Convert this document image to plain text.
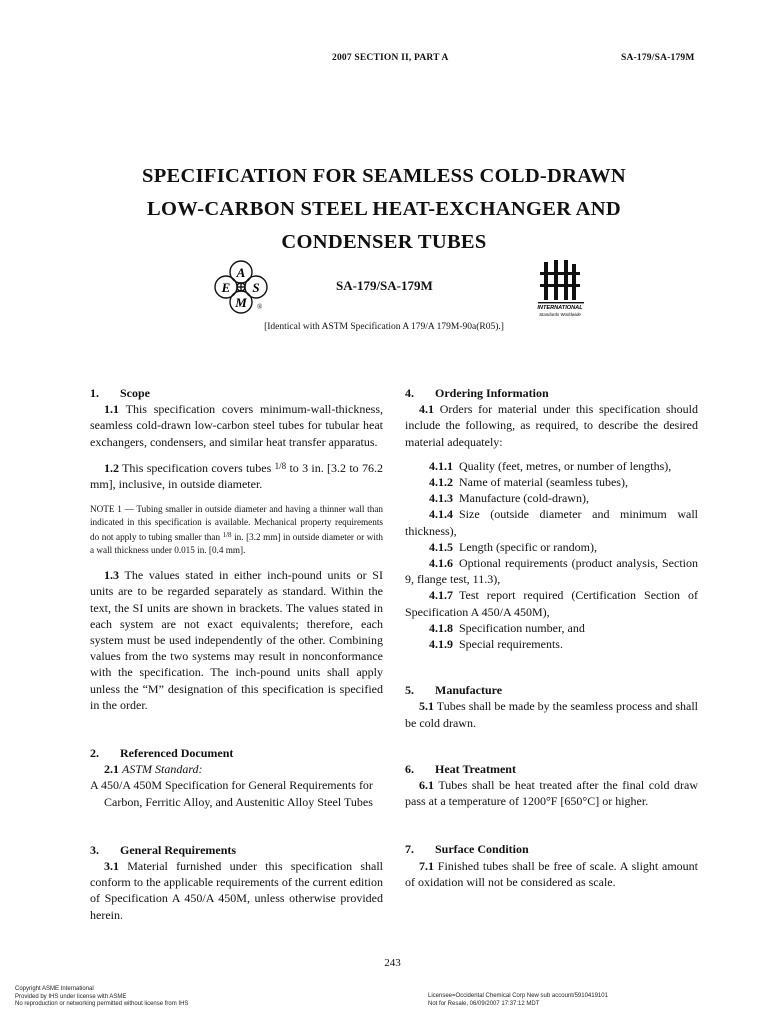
2007 SECTION II, PART A	SA-179/SA-179M
SPECIFICATION FOR SEAMLESS COLD-DRAWN
LOW-CARBON STEEL HEAT-EXCHANGER AND
CONDENSER TUBES
A
S
M
E
®
SA-179/SA-179M
INTERNATIONAL
Standards Worldwide
[Identical with ASTM Specification A 179/A 179M-90a(R05).]

1. Scope

1.1 This specification covers minimum-wall-thickness, seamless cold-drawn low-carbon steel tubes for tubular heat exchangers, condensers, and similar heat transfer apparatus.

1.2 This specification covers tubes $^{1/8}$ to 3 in. [3.2 to 76.2 mm], inclusive, in outside diameter.

NOTE 1 — Tubing smaller in outside diameter and having a thinner wall than indicated in this specification is available. Mechanical property requirements do not apply to tubing smaller than $^{1/8}$ in. [3.2 mm] in outside diameter or with a wall thickness under 0.015 in. [0.4 mm].

1.3 The values stated in either inch-pound units or SI units are to be regarded separately as standard. Within the text, the SI units are shown in brackets. The values stated in each system are not exact equivalents; therefore, each system must be used independently of the other. Combining values from the two systems may result in nonconformance with the specification. The inch-pound units shall apply unless the “M” designation of this specification is specified in the order.

2. Referenced Document

2.1 ASTM Standard:

A 450/A 450M Specification for General Requirements for Carbon, Ferritic Alloy, and Austenitic Alloy Steel Tubes

3. General Requirements

3.1 Material furnished under this specification shall conform to the applicable requirements of the current edition of Specification A 450/A 450M, unless otherwise provided herein.

4. Ordering Information

4.1 Orders for material under this specification should include the following, as required, to describe the desired material adequately:

4.1.1 Quality (feet, metres, or number of lengths),

4.1.2 Name of material (seamless tubes),

4.1.3 Manufacture (cold-drawn),

4.1.4 Size (outside diameter and minimum wall thickness),

4.1.5 Length (specific or random),

4.1.6 Optional requirements (product analysis, Section 9, flange test, 11.3),

4.1.7 Test report required (Certification Section of Specification A 450/A 450M),

4.1.8 Specification number, and

4.1.9 Special requirements.

5. Manufacture

5.1 Tubes shall be made by the seamless process and shall be cold drawn.

6. Heat Treatment

6.1 Tubes shall be heat treated after the final cold draw pass at a temperature of 1200°F [650°C] or higher.

7. Surface Condition

7.1 Finished tubes shall be free of scale. A slight amount of oxidation will not be considered as scale.

243
Copyright ASME International
Provided by IHS under license with ASME
No reproduction or networking permitted without license from IHS
Licensee=Occidental Chemical Corp New sub account/5910419101
Not for Resale, 06/09/2007 17:37:12 MDT
